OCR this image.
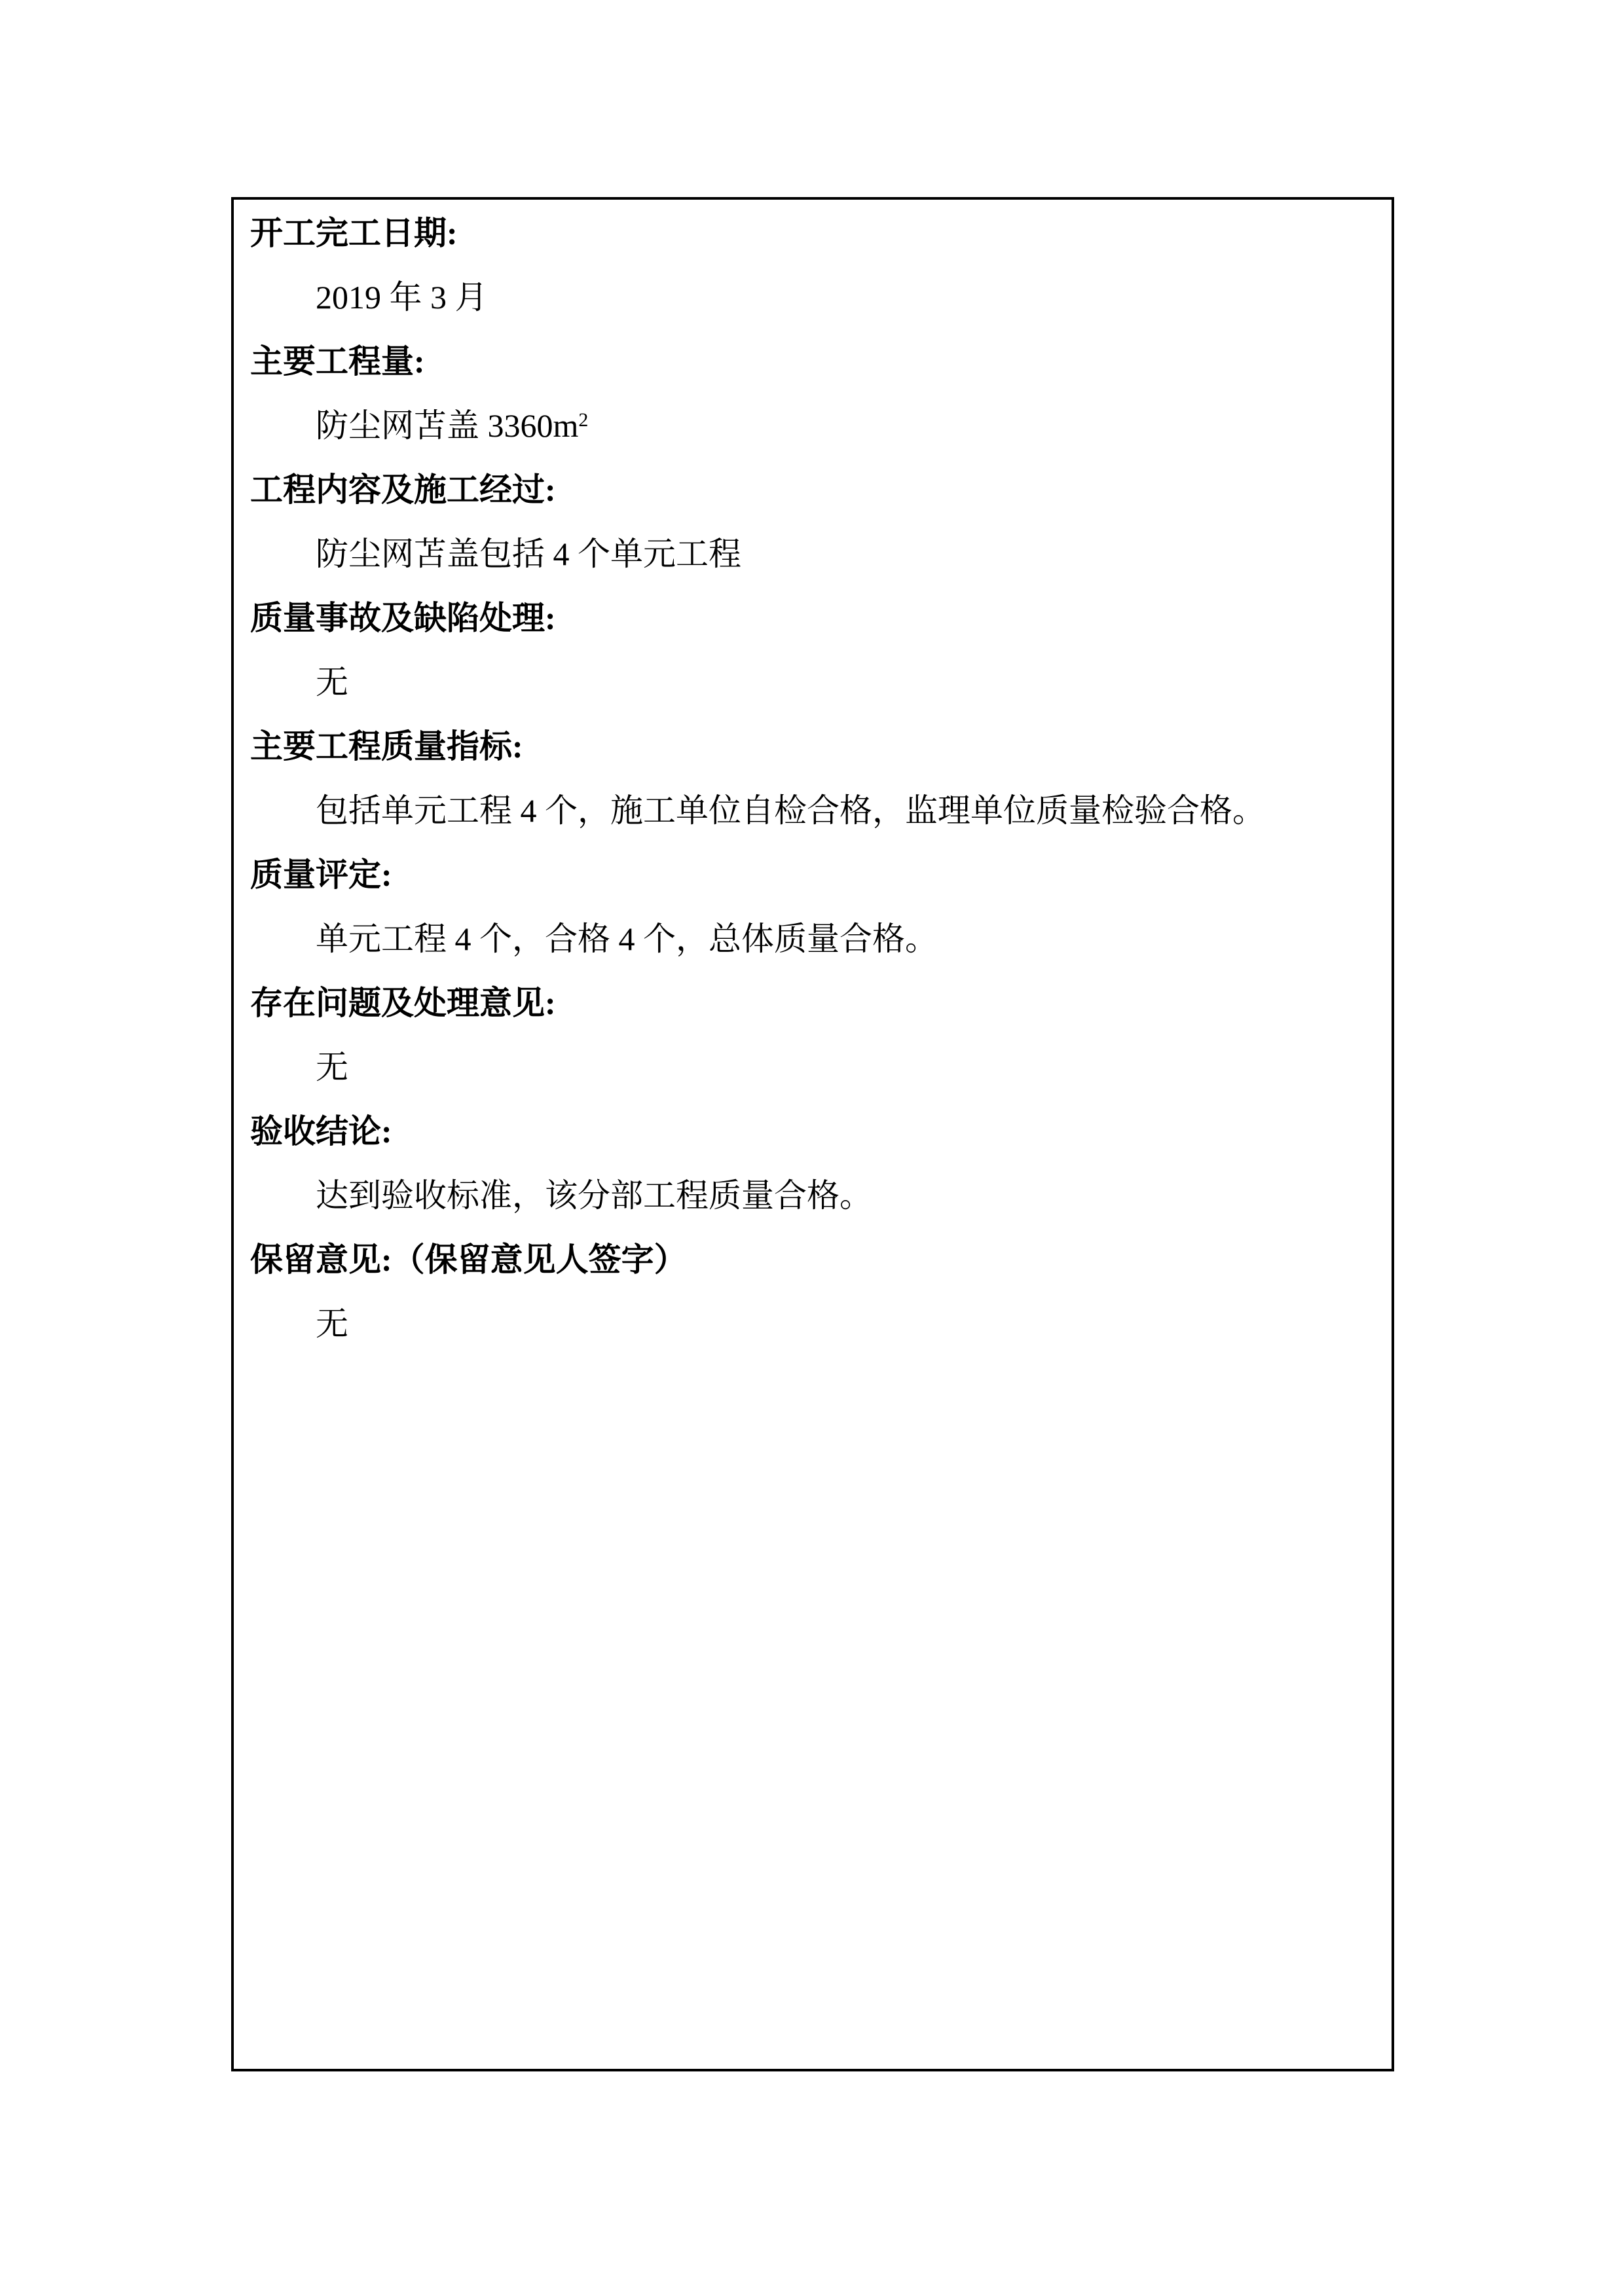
开工完工日期:
2019 年 3 月
主要工程量:
防尘网苫盖 $3360m^2$
工程内容及施工经过:
防尘网苫盖包括 4 个单元工程
质量事故及缺陷处理:
无
主要工程质量指标:
包括单元工程 4 个，施工单位自检合格，监理单位质量检验合格。
质量评定:
单元工程 4 个，合格 4 个，总体质量合格。
存在问题及处理意见:
无
验收结论:
达到验收标准，该分部工程质量合格。
保留意见:（保留意见人签字）
无
